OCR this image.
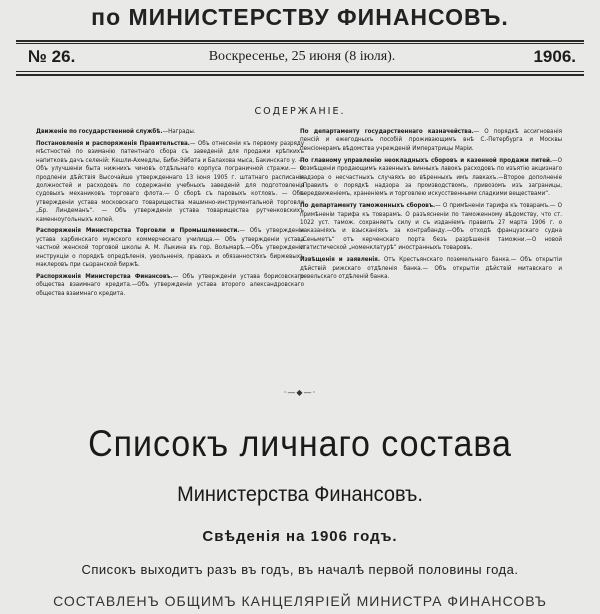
по МИНИСТЕРСТВУ ФИНАНСОВЪ.
№ 26.	Воскресенье, 25 июня (8 іюля).	1906.
СОДЕРЖАНІЕ.

Движеніе по государственной службѣ.—Награды.

Постановленія и распоряженія Правительства.— Объ отнесеніи къ первому разряду мѣстностей по взиманію патентнаго сбора съ заведеній для продажи крѣпкихъ напитковъ дачъ селеній: Кешли-Ахмедлы, Биби-Эйбата и Балахова мыса, Бакинскаго у. — Объ улучшеніи быта нижнихъ чиновъ отдѣльнаго корпуса пограничной стражи.— О продленіи дѣйствія Высочайше утвержденнаго 13 іюня 1905 г. штатнаго расписанія должностей и расходовъ по содержанію учебныхъ заведеній для подготовленія судовыхъ механиковъ торговаго флота.— О сборѣ съ паровыхъ котловъ. — Объ утвержденіи устава московскаго товарищества машинно-инструментальной торговли „Бр. Линдеманъ“. — Объ утвержденіи устава товарищества рутченковскихъ каменноугольныхъ копей.

Распоряженія Министерства Торговли и Промышленности.— Объ утвержденіи устава харбинскаго мужского коммерческаго училища.— Объ утвержденіи устава частной женской торговой школы А. М. Лыкина въ гор. Вольмарѣ.—Объ утвержденіи инструкціи о порядкѣ опредѣленія, увольненія, правахъ и обязанностяхъ биржевыхъ маклеровъ при сызранской биржѣ.

Распоряженія Министерства Финансовъ.— Объ утвержденіи устава борисовскаго общества взаимнаго кредита.—Объ утвержденіи устава второго александровскаго общества взаимнаго кредита.

По департаменту государственнаго казначейства.— О порядкѣ ассигнованія пенсій и ежегодныхъ пособій проживающимъ внѣ С.-Петербурга и Москвы пенсіонерамъ вѣдомства учрежденій Императрицы Маріи.

По главному управленію неокладныхъ сборовъ и казенной продажи питей.—О возмѣщеніи продающимъ казенныхъ винныхъ лавокъ расходовъ по изъятію акцизнаго надзора о несчастныхъ случаяхъ во вѣренныхъ имъ лавкахъ.—Второе дополненіе „Правилъ о порядкѣ надзора за производствомъ, привозомъ изъ заграницы, передвиженіемъ, храненіемъ и торговлею искусственными сладкими веществами“.

По департаменту таможенныхъ сборовъ.— О примѣненіи тарифа къ товарамъ.— О примѣненіи тарифа къ товарамъ. О разъясненіи по таможенному вѣдомству, что ст. 1022 уст. тамож. сохраняетъ силу и съ изданіемъ правилъ 27 марта 1906 г. о наказаніяхъ и взысканіяхъ за контрабанду.—Объ отходѣ французскаго судна „Сеньметъ“ отъ керченскаго порта безъ разрѣшенія таможни.—О новой статистической „номенклатурѣ“ иностранныхъ товаровъ.

Извѣщенія и заявленія. Отъ Крестьянскаго поземельнаго банка.— Объ открытіи дѣйствій рижскаго отдѣленія банка.— Объ открытіи дѣйствій митавскаго и ревельскаго отдѣленій банка.

·—◆—·
Списокъ личнаго состава
Министерства Финансовъ.
Свѣденія на 1906 годъ.
Списокъ выходитъ разъ въ годъ, въ началѣ первой половины года.
СОСТАВЛЕНЪ ОБЩИМЪ КАНЦЕЛЯРІЕЙ МИНИСТРА ФИНАНСОВЪ
